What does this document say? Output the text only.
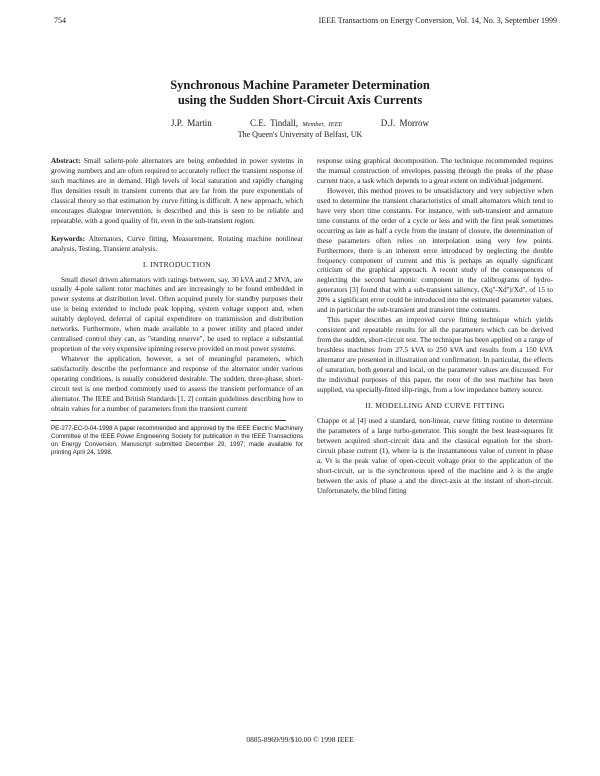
754	IEEE Transactions on Energy Conversion, Vol. 14, No. 3, September 1999
Synchronous Machine Parameter Determination
using the Sudden Short-Circuit Axis Currents
J.P. Martin	C.E. Tindall, Member, IEEE	D.J. Morrow
The Queen's University of Belfast, UK

Abstract: Small salient-pole alternators are being embedded in power systems in growing numbers and are often required to accurately reflect the transient response of such machines are in demand. High levels of local saturation and rapidly changing flux densities result in transient currents that are far from the pure exponentials of classical theory so that estimation by curve fitting is difficult. A new approach, which encourages dialogue intervention, is described and this is seen to be reliable and repeatable, with a good quality of fit, even in the sub-transient region.

Keywords: Alternators, Curve fitting, Measurement, Rotating machine nonlinear analysis, Testing, Transient analysis.

I. INTRODUCTION

Small diesel driven alternators with ratings between, say, 30 kVA and 2 MVA, are usually 4-pole salient rotor machines and are increasingly to be found embedded in power systems at distribution level. Often acquired purely for standby purposes their use is being extended to include peak lopping, system voltage support and, when suitably deployed, deferral of capital expenditure on transmission and distribution networks. Furthermore, when made available to a power utility and placed under centralised control they can, as "standing reserve", be used to replace a substantial proportion of the very expensive spinning reserve provided on most power systems.

Whatever the application, however, a set of meaningful parameters, which satisfactorily describe the performance and response of the alternator under various operating conditions, is usually considered desirable. The sudden, three-phase, short-circuit test is one method commonly used to assess the transient performance of an alternator. The IEEE and British Standards [1, 2] contain guidelines describing how to obtain values for a number of parameters from the transient current

PE-277-EC-0-04-1998 A paper recommended and approved by the IEEE Electric Machinery Committee of the IEEE Power Engineering Society for publication in the IEEE Transactions on Energy Conversion. Manuscript submitted December 29, 1997; made available for printing April 24, 1998.

response using graphical decomposition. The technique recommended requires the manual construction of envelopes passing through the peaks of the phase current trace, a task which depends to a great extent on individual judgement.

However, this method proves to be unsatisfactory and very subjective when used to determine the transient characteristics of small alternators which tend to have very short time constants. For instance, with sub-transient and armature time constants of the order of a cycle or less and with the first peak sometimes occurring as late as half a cycle from the instant of closure, the determination of these parameters often relies on interpolation using very few points. Furthermore, there is an inherent error introduced by neglecting the double frequency component of current and this is perhaps an equally significant criticism of the graphical approach. A recent study of the consequences of neglecting the second harmonic component in the calibrograms of hydro-generators [3] found that with a sub-transient saliency, (Xq''-Xd'')/Xd'', of 15 to 20% a significant error could be introduced into the estimated parameter values, and in particular the sub-transient and transient time constants.

This paper describes an improved curve fitting technique which yields consistent and repeatable results for all the parameters which can be derived from the sudden, short-circuit test. The technique has been applied on a range of brushless machines from 27.5 kVA to 250 kVA and results from a 150 kVA alternator are presented in illustration and confirmation. In particular, the effects of saturation, both general and local, on the parameter values are discussed. For the individual purposes of this paper, the rotor of the test machine has been supplied, via specially-fitted slip-rings, from a low impedance battery source.

II. MODELLING AND CURVE FITTING

Chappe et al [4] used a standard, non-linear, curve fitting routine to determine the parameters of a large turbo-generator. This sought the best least-squares fit between acquired short-circuit data and the classical equation for the short-circuit phase current (1), where ia is the instantaneous value of current in phase a, Vt is the peak value of open-circuit voltage prior to the application of the short-circuit, ωr is the synchronous speed of the machine and λ is the angle between the axis of phase a and the direct-axis at the instant of short-circuit. Unfortunately, the blind fitting

0885-8969/99/$10.00 © 1998 IEEE
